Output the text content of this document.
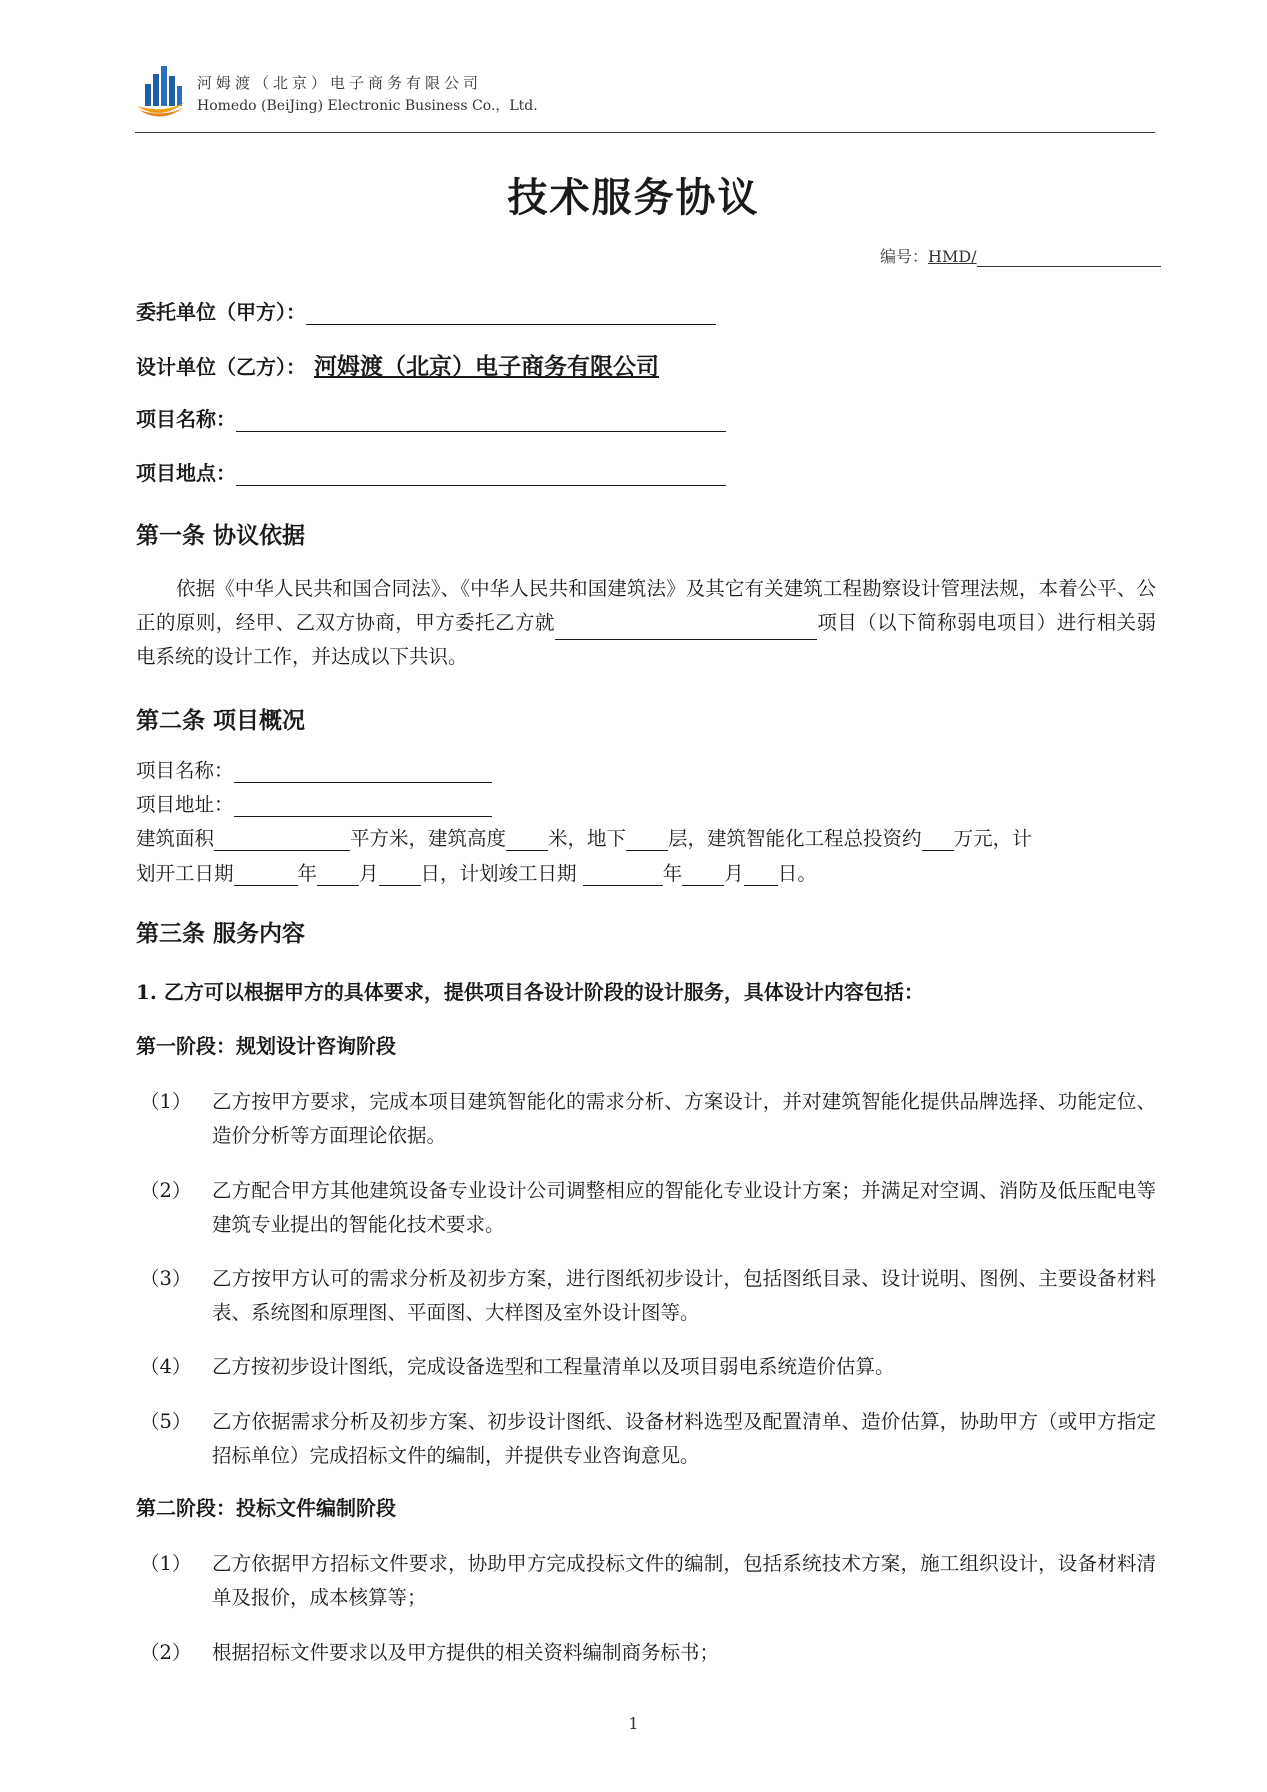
河姆渡（北京）电子商务有限公司
Homedo (BeiJing) Electronic Business Co.，Ltd.
技术服务协议
编号：HMD/
委托单位（甲方）：
设计单位（乙方）： 河姆渡（北京）电子商务有限公司
项目名称：
项目地点：
第一条 协议依据
依据《中华人民共和国合同法》、《中华人民共和国建筑法》及其它有关建筑工程勘察设计管理法规，本着公平、公正的原则，经甲、乙双方协商，甲方委托乙方就	项目（以下简称弱电项目）进行相关弱电系统的设计工作，并达成以下共识。
第二条 项目概况
项目名称：
项目地址：
建筑面积	平方米，建筑高度 米，地下 层，建筑智能化工程总投资约 万元，计
划开工日期	年 月 日，计划竣工日期	年 月 日。
第三条 服务内容
1. 乙方可以根据甲方的具体要求，提供项目各设计阶段的设计服务，具体设计内容包括：
第一阶段：规划设计咨询阶段
（1）	乙方按甲方要求，完成本项目建筑智能化的需求分析、方案设计，并对建筑智能化提供品牌选择、功能定位、造价分析等方面理论依据。
（2）	乙方配合甲方其他建筑设备专业设计公司调整相应的智能化专业设计方案；并满足对空调、消防及低压配电等建筑专业提出的智能化技术要求。
（3）	乙方按甲方认可的需求分析及初步方案，进行图纸初步设计，包括图纸目录、设计说明、图例、主要设备材料表、系统图和原理图、平面图、大样图及室外设计图等。
（4）	乙方按初步设计图纸，完成设备选型和工程量清单以及项目弱电系统造价估算。
（5）	乙方依据需求分析及初步方案、初步设计图纸、设备材料选型及配置清单、造价估算，协助甲方（或甲方指定招标单位）完成招标文件的编制，并提供专业咨询意见。
第二阶段：投标文件编制阶段
（1）	乙方依据甲方招标文件要求，协助甲方完成投标文件的编制，包括系统技术方案，施工组织设计，设备材料清单及报价，成本核算等；
（2）	根据招标文件要求以及甲方提供的相关资料编制商务标书；
1
